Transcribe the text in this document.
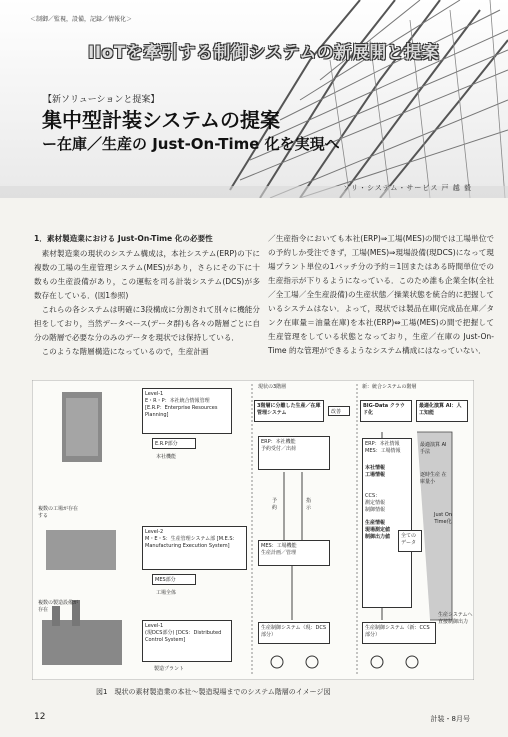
＜制御／監視，設備，記録／情報化＞
IIoTを牽引する制御システムの新展開と提案
【新ソリューションと提案】
集中型計装システムの提案
ー在庫／生産の Just-On-Time 化を実現へ
ソリ・システム・サービス 戸 越 毅
1．素材製造業における Just-On-Time 化の必要性

素材製造業の現状のシステム構成は，本社システム(ERP)の下に複数の工場の生産管理システム(MES)があり，さらにその下に十数もの生産設備があり，この運転を司る計装システム(DCS)が多数存在している．(図1参照)

これらの各システムは明確に3段構成に分割されて別々に機能分担をしており，当然データベース(データ群)も各々の階層ごとに自分の階層で必要な分のみのデータを現状では保持している．

このような階層構造になっているので，生産計画

／生産指令においても本社(ERP)⇒工場(MES)の間では工場単位での予約しか受注できず，工場(MES)⇒現場設備(現DCS)になって現場プラント単位の1バッチ分の予約＝1回またはある時間単位での生産指示が下りるようになっている．このため誰も企業全体(全社／全工場／全生産設備)の生産状態／操業状態を統合的に把握しているシステムはない．よって，現状では製品在庫(完成品在庫／タンク在庫量＝油量在庫)を本社(ERP)⇔工場(MES)の間で把握して生産管理をしている状態となっており，生産／在庫の Just-On-Time 的な管理ができるようなシステム構成にはなっていない．

Level-1
E・R・P：本社統合情報管理 [E.R.P：Enterprise Resources Planning]
E.R.P部分
本社機能
複数の工場が存在する
Level-2
M・E・S：生産管理システム部 [M.E.S：Manufacturing Execution System]
MES部分
工場全体
複数の製造設備が存在
Level-1
(現DCS部分) [DCS：Distributed Control System]
製造プラント
現状の3階層
3階層に分離した生産／在庫管理システム	改善
ERP：本社機能
予約受付／出荷
予約
指示
MES：工場機能
生産計画／管理
生産制御システム（現：DCS部分）
新：統合システムの階層
BIG-Data クラウド化
最適化演算 AI：人工知能
ERP：本社情報
MES：工場情報
本社情報
工場情報
CCS：
測定情報
制御情報
生産情報
現場測定値
制御出力値
最適演算 AI手法
逐時生産 在庫量小
全ての データ
Just On Time化
生産制御システム（新：CCS部分）
生産システムへ 直接制御出力
図1　現状の素材製造業の本社～製造現場までのシステム階層のイメージ図
12	計装・8月号
